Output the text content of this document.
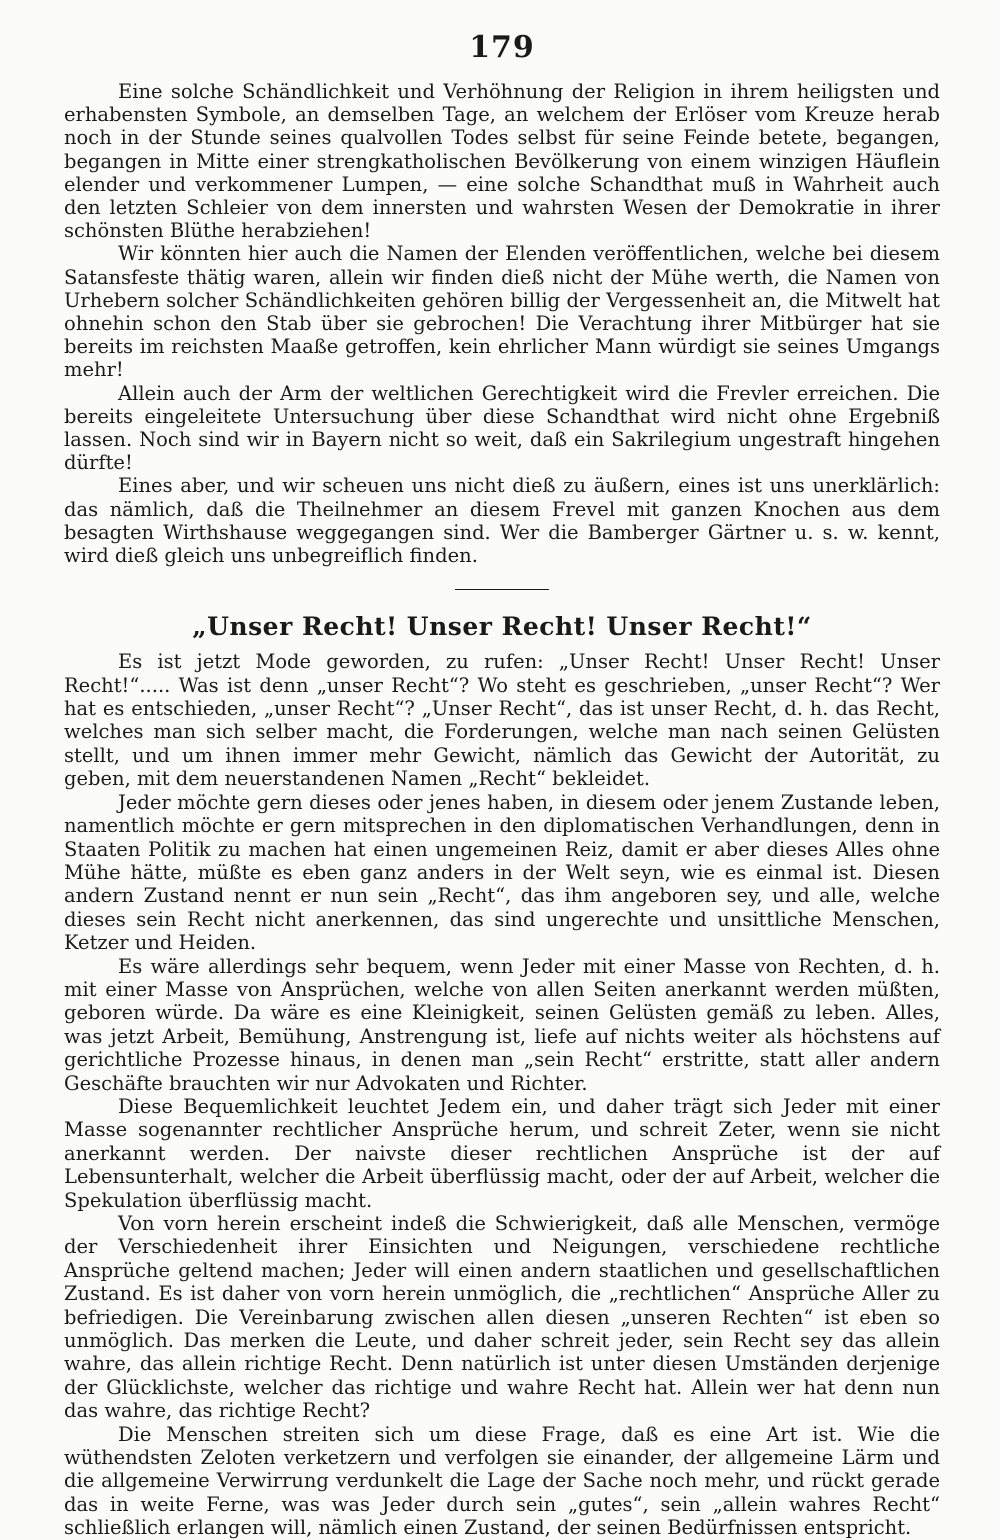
179

Eine solche Schändlichkeit und Verhöhnung der Religion in ihrem heiligsten und erhabensten Symbole, an demselben Tage, an welchem der Erlöser vom Kreuze herab noch in der Stunde seines qualvollen Todes selbst für seine Feinde betete, begangen, begangen in Mitte einer strengkatholischen Bevölkerung von einem winzigen Häuflein elender und verkommener Lumpen, — eine solche Schandthat muß in Wahrheit auch den letzten Schleier von dem innersten und wahrsten Wesen der Demokratie in ihrer schönsten Blüthe herabziehen!

Wir könnten hier auch die Namen der Elenden veröffentlichen, welche bei diesem Satansfeste thätig waren, allein wir finden dieß nicht der Mühe werth, die Namen von Urhebern solcher Schändlichkeiten gehören billig der Vergessenheit an, die Mitwelt hat ohnehin schon den Stab über sie gebrochen! Die Verachtung ihrer Mitbürger hat sie bereits im reichsten Maaße getroffen, kein ehrlicher Mann würdigt sie seines Umgangs mehr!

Allein auch der Arm der weltlichen Gerechtigkeit wird die Frevler erreichen. Die bereits eingeleitete Untersuchung über diese Schandthat wird nicht ohne Ergebniß lassen. Noch sind wir in Bayern nicht so weit, daß ein Sakrilegium ungestraft hingehen dürfte!

Eines aber, und wir scheuen uns nicht dieß zu äußern, eines ist uns unerklärlich: das nämlich, daß die Theilnehmer an diesem Frevel mit ganzen Knochen aus dem besagten Wirthshause weggegangen sind. Wer die Bamberger Gärtner u. s. w. kennt, wird dieß gleich uns unbegreiflich finden.

„Unser Recht! Unser Recht! Unser Recht!“

Es ist jetzt Mode geworden, zu rufen: „Unser Recht! Unser Recht! Unser Recht!“..... Was ist denn „unser Recht“? Wo steht es geschrieben, „unser Recht“? Wer hat es entschieden, „unser Recht“? „Unser Recht“, das ist unser Recht, d. h. das Recht, welches man sich selber macht, die Forderungen, welche man nach seinen Gelüsten stellt, und um ihnen immer mehr Gewicht, nämlich das Gewicht der Autorität, zu geben, mit dem neuerstandenen Namen „Recht“ bekleidet.

Jeder möchte gern dieses oder jenes haben, in diesem oder jenem Zustande leben, namentlich möchte er gern mitsprechen in den diplomatischen Verhandlungen, denn in Staaten Politik zu machen hat einen ungemeinen Reiz, damit er aber dieses Alles ohne Mühe hätte, müßte es eben ganz anders in der Welt seyn, wie es einmal ist. Diesen andern Zustand nennt er nun sein „Recht“, das ihm angeboren sey, und alle, welche dieses sein Recht nicht anerkennen, das sind ungerechte und unsittliche Menschen, Ketzer und Heiden.

Es wäre allerdings sehr bequem, wenn Jeder mit einer Masse von Rechten, d. h. mit einer Masse von Ansprüchen, welche von allen Seiten anerkannt werden müßten, geboren würde. Da wäre es eine Kleinigkeit, seinen Gelüsten gemäß zu leben. Alles, was jetzt Arbeit, Bemühung, Anstrengung ist, liefe auf nichts weiter als höchstens auf gerichtliche Prozesse hinaus, in denen man „sein Recht“ erstritte, statt aller andern Geschäfte brauchten wir nur Advokaten und Richter.

Diese Bequemlichkeit leuchtet Jedem ein, und daher trägt sich Jeder mit einer Masse sogenannter rechtlicher Ansprüche herum, und schreit Zeter, wenn sie nicht anerkannt werden. Der naivste dieser rechtlichen Ansprüche ist der auf Lebensunterhalt, welcher die Arbeit überflüssig macht, oder der auf Arbeit, welcher die Spekulation überflüssig macht.

Von vorn herein erscheint indeß die Schwierigkeit, daß alle Menschen, vermöge der Verschiedenheit ihrer Einsichten und Neigungen, verschiedene rechtliche Ansprüche geltend machen; Jeder will einen andern staatlichen und gesellschaftlichen Zustand. Es ist daher von vorn herein unmöglich, die „rechtlichen“ Ansprüche Aller zu befriedigen. Die Vereinbarung zwischen allen diesen „unseren Rechten“ ist eben so unmöglich. Das merken die Leute, und daher schreit jeder, sein Recht sey das allein wahre, das allein richtige Recht. Denn natürlich ist unter diesen Umständen derjenige der Glücklichste, welcher das richtige und wahre Recht hat. Allein wer hat denn nun das wahre, das richtige Recht?

Die Menschen streiten sich um diese Frage, daß es eine Art ist. Wie die wüthendsten Zeloten verketzern und verfolgen sie einander, der allgemeine Lärm und die allgemeine Verwirrung verdunkelt die Lage der Sache noch mehr, und rückt gerade das in weite Ferne, was was Jeder durch sein „gutes“, sein „allein wahres Recht“ schließlich erlangen will, nämlich einen Zustand, der seinen Bedürfnissen entspricht.
